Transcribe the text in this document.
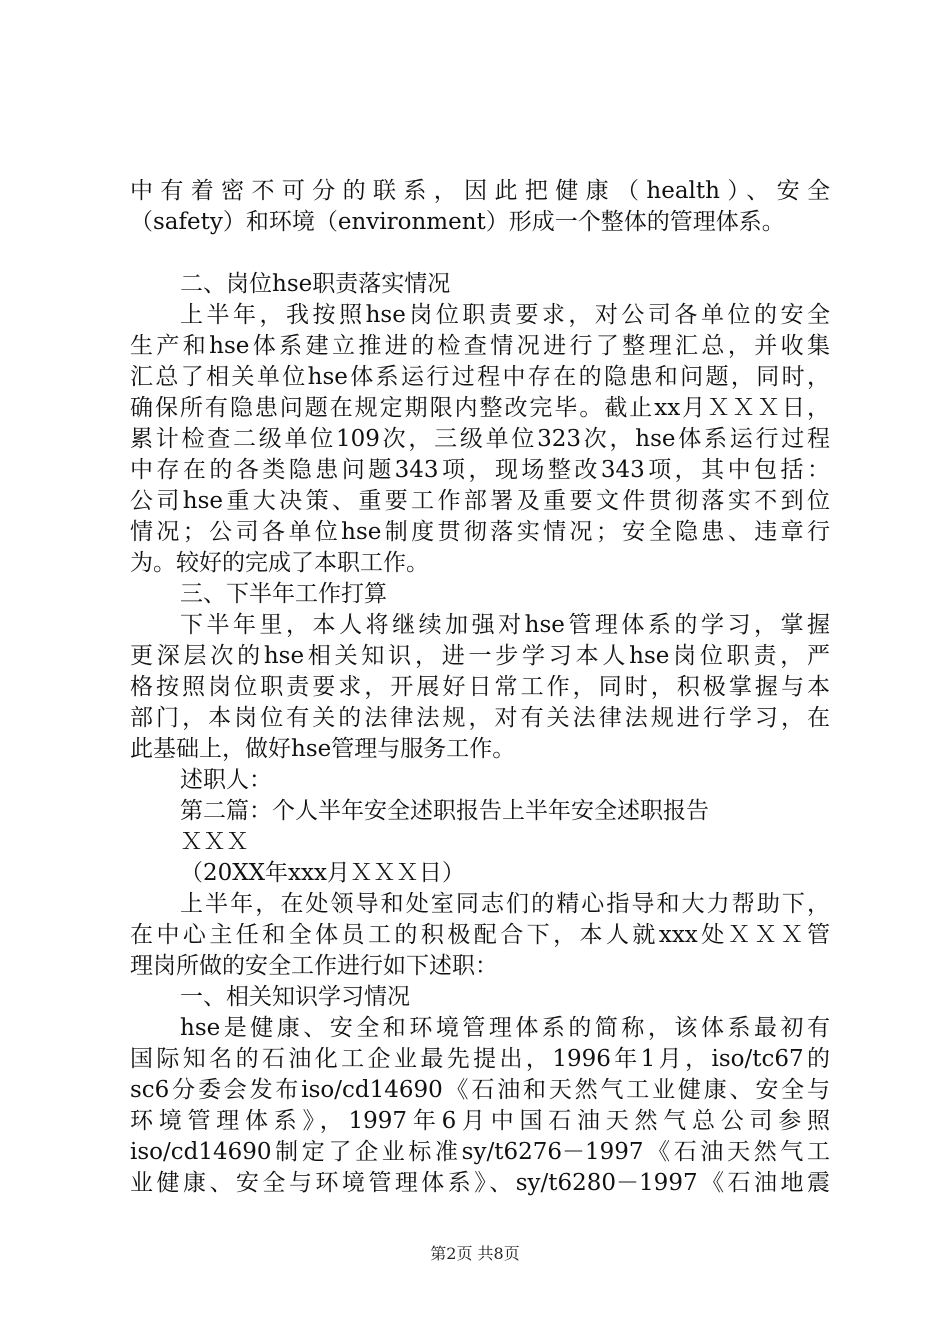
中有着密不可分的联系，因此把健康（health）、安全
（safety）和环境（environment）形成一个整体的管理体系。
二、岗位hse职责落实情况
上半年，我按照hse岗位职责要求，对公司各单位的安全
生产和hse体系建立推进的检查情况进行了整理汇总，并收集
汇总了相关单位hse体系运行过程中存在的隐患和问题，同时，
确保所有隐患问题在规定期限内整改完毕。截止xx月ＸＸＸ日，
累计检查二级单位109次，三级单位323次，hse体系运行过程
中存在的各类隐患问题343项，现场整改343项，其中包括：
公司hse重大决策、重要工作部署及重要文件贯彻落实不到位
情况；公司各单位hse制度贯彻落实情况；安全隐患、违章行
为。较好的完成了本职工作。
三、下半年工作打算
下半年里，本人将继续加强对hse管理体系的学习，掌握
更深层次的hse相关知识，进一步学习本人hse岗位职责，严
格按照岗位职责要求，开展好日常工作，同时，积极掌握与本
部门，本岗位有关的法律法规，对有关法律法规进行学习，在
此基础上，做好hse管理与服务工作。
述职人：
第二篇：个人半年安全述职报告上半年安全述职报告
ＸＸＸ
（20XX年xxx月ＸＸＸ日）
上半年，在处领导和处室同志们的精心指导和大力帮助下，
在中心主任和全体员工的积极配合下，本人就xxx处ＸＸＸ管
理岗所做的安全工作进行如下述职：
一、相关知识学习情况
hse是健康、安全和环境管理体系的简称，该体系最初有
国际知名的石油化工企业最先提出，1996年1月，iso/tc67的
sc6分委会发布iso/cd14690《石油和天然气工业健康、安全与
环境管理体系》，1997年6月中国石油天然气总公司参照
iso/cd14690制定了企业标准sy/t6276－1997《石油天然气工
业健康、安全与环境管理体系》、sy/t6280－1997《石油地震
第2页 共8页
